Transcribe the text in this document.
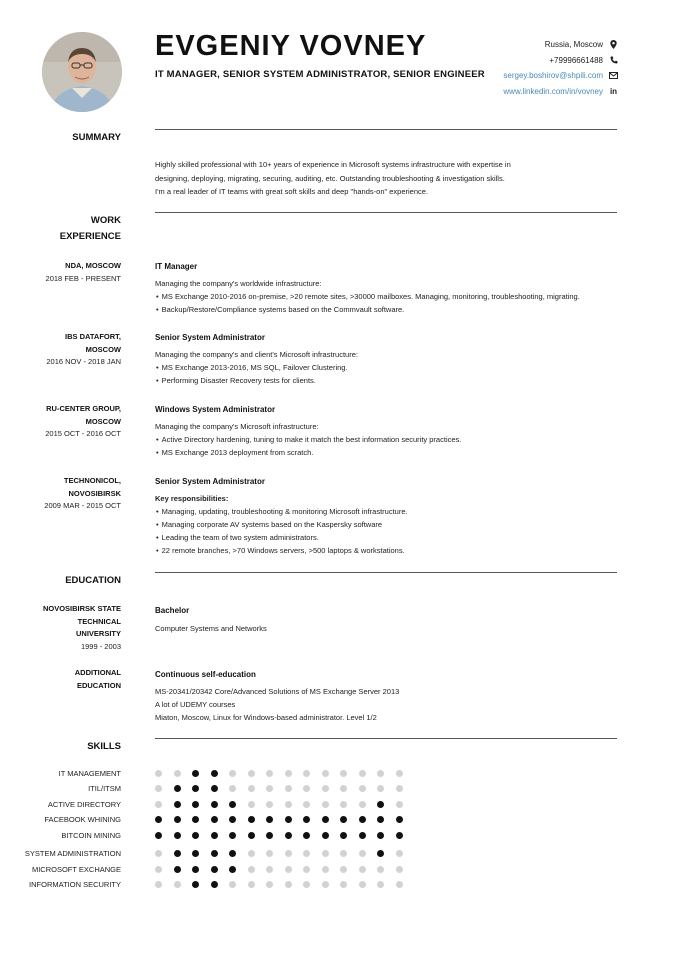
EVGENIY VOVNEY
IT MANAGER, SENIOR SYSTEM ADMINISTRATOR, SENIOR ENGINEER
Russia, Moscow
+79996661488
sergey.boshirov@shpili.com
www.linkedin.com/in/vovney in
SUMMARY
Highly skilled professional with 10+ years of experience in Microsoft systems infrastructure with expertise in
designing, deploying, migrating, securing, auditing, etc. Outstanding troubleshooting & investigation skills.
I'm a real leader of IT teams with great soft skills and deep "hands-on" experience.
WORK
EXPERIENCE
NDA, MOSCOW
2018 FEB - PRESENT
IT Manager
Managing the company's worldwide infrastructure:
• MS Exchange 2010-2016 on-premise, >20 remote sites, >30000 mailboxes. Managing, monitoring, troubleshooting, migrating.
• Backup/Restore/Compliance systems based on the Commvault software.
IBS DATAFORT,
MOSCOW
2016 NOV - 2018 JAN
Senior System Administrator
Managing the company's and client's Microsoft infrastructure:
• MS Exchange 2013-2016, MS SQL, Failover Clustering.
• Performing Disaster Recovery tests for clients.
RU-CENTER GROUP,
MOSCOW
2015 OCT - 2016 OCT
Windows System Administrator
Managing the company's Microsoft infrastructure:
• Active Directory hardening, tuning to make it match the best information security practices.
• MS Exchange 2013 deployment from scratch.
TECHNONICOL,
NOVOSIBIRSK
2009 MAR - 2015 OCT
Senior System Administrator
Key responsibilities:
• Managing, updating, troubleshooting & monitoring Microsoft infrastructure.
• Managing corporate AV systems based on the Kaspersky software
• Leading the team of two system administrators.
• 22 remote branches, >70 Windows servers, >500 laptops & workstations.
EDUCATION
NOVOSIBIRSK STATE
TECHNICAL
UNIVERSITY
1999 - 2003
Bachelor
Computer Systems and Networks
ADDITIONAL
EDUCATION
Continuous self-education
MS-20341/20342 Core/Advanced Solutions of MS Exchange Server 2013
A lot of UDEMY courses
Miaton, Moscow, Linux for Windows-based administrator. Level 1/2
SKILLS
IT MANAGEMENT
ITIL/ITSM
ACTIVE DIRECTORY
FACEBOOK WHINING
BITCOIN MINING
SYSTEM ADMINISTRATION
MICROSOFT EXCHANGE
INFORMATION SECURITY
